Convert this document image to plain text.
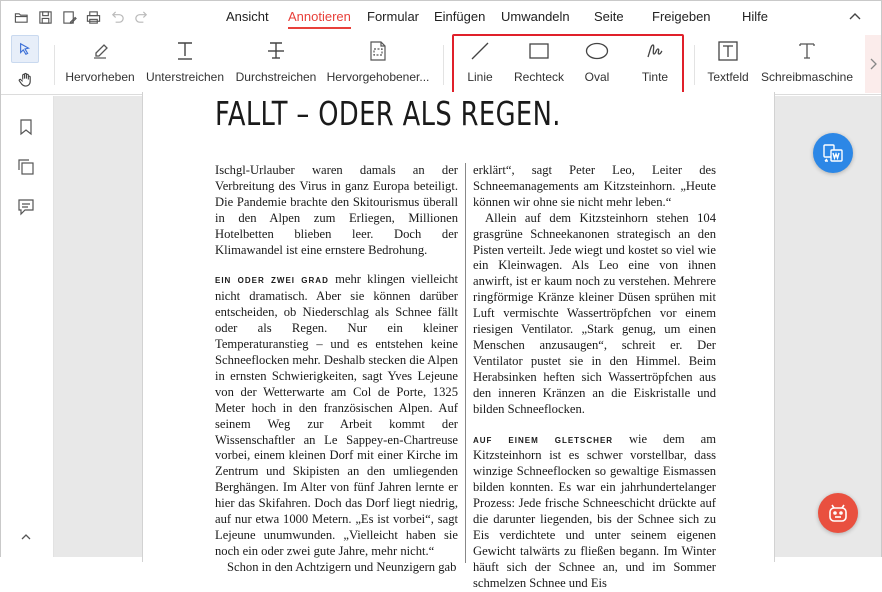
Ansicht Annotieren Formular Einfügen Umwandeln Seite Freigeben Hilfe
Hervorheben Unterstreichen Durchstreichen Hervorgehobener...	Linie Rechteck Oval	Tinte	Textfeld Schreibmaschine
FALLT – ODER ALS REGEN.

Ischgl-Urlauber waren damals an der Verbreitung des Virus in ganz Europa beteiligt. Die Pandemie brachte den Skitourismus überall in den Alpen zum Erliegen, Millionen Hotelbetten blieben leer. Doch der Klimawandel ist eine ernstere Bedrohung.

EIN ODER ZWEI GRAD mehr klingen vielleicht nicht dramatisch. Aber sie können darüber entscheiden, ob Niederschlag als Schnee fällt oder als Regen. Nur ein kleiner Temperaturanstieg – und es entstehen keine Schneeflocken mehr. Deshalb stecken die Alpen in ernsten Schwierigkeiten, sagt Yves Lejeune von der Wetterwarte am Col de Porte, 1325 Meter hoch in den französischen Alpen. Auf seinem Weg zur Arbeit kommt der Wissenschaftler an Le Sappey-en-Chartreuse vorbei, einem kleinen Dorf mit einer Kirche im Zentrum und Skipisten an den umliegenden Berghängen. Im Alter von fünf Jahren lernte er hier das Skifahren. Doch das Dorf liegt niedrig, auf nur etwa 1000 Metern. „Es ist vorbei“, sagt Lejeune unumwunden. „Vielleicht haben sie noch ein oder zwei gute Jahre, mehr nicht.“

Schon in den Achtzigern und Neunzigern gab

erklärt“, sagt Peter Leo, Leiter des Schneemanagements am Kitzsteinhorn. „Heute können wir ohne sie nicht mehr leben.“

Allein auf dem Kitzsteinhorn stehen 104 grasgrüne Schneekanonen strategisch an den Pisten verteilt. Jede wiegt und kostet so viel wie ein Kleinwagen. Als Leo eine von ihnen anwirft, ist er kaum noch zu verstehen. Mehrere ringförmige Kränze kleiner Düsen sprühen mit Luft vermischte Wassertröpfchen vor einem riesigen Ventilator. „Stark genug, um einen Menschen anzusaugen“, schreit er. Der Ventilator pustet sie in den Himmel. Beim Herabsinken heften sich Wassertröpfchen aus den inneren Kränzen an die Eiskristalle und bilden Schneeflocken.

AUF EINEM GLETSCHER wie dem am Kitzsteinhorn ist es schwer vorstellbar, dass winzige Schneeflocken so gewaltige Eismassen bilden konnten. Es war ein jahrhundertelanger Prozess: Jede frische Schneeschicht drückte auf die darunter liegenden, bis der Schnee sich zu Eis verdichtete und unter seinem eigenen Gewicht talwärts zu fließen begann. Im Winter häuft sich der Schnee an, und im Sommer schmelzen Schnee und Eis
